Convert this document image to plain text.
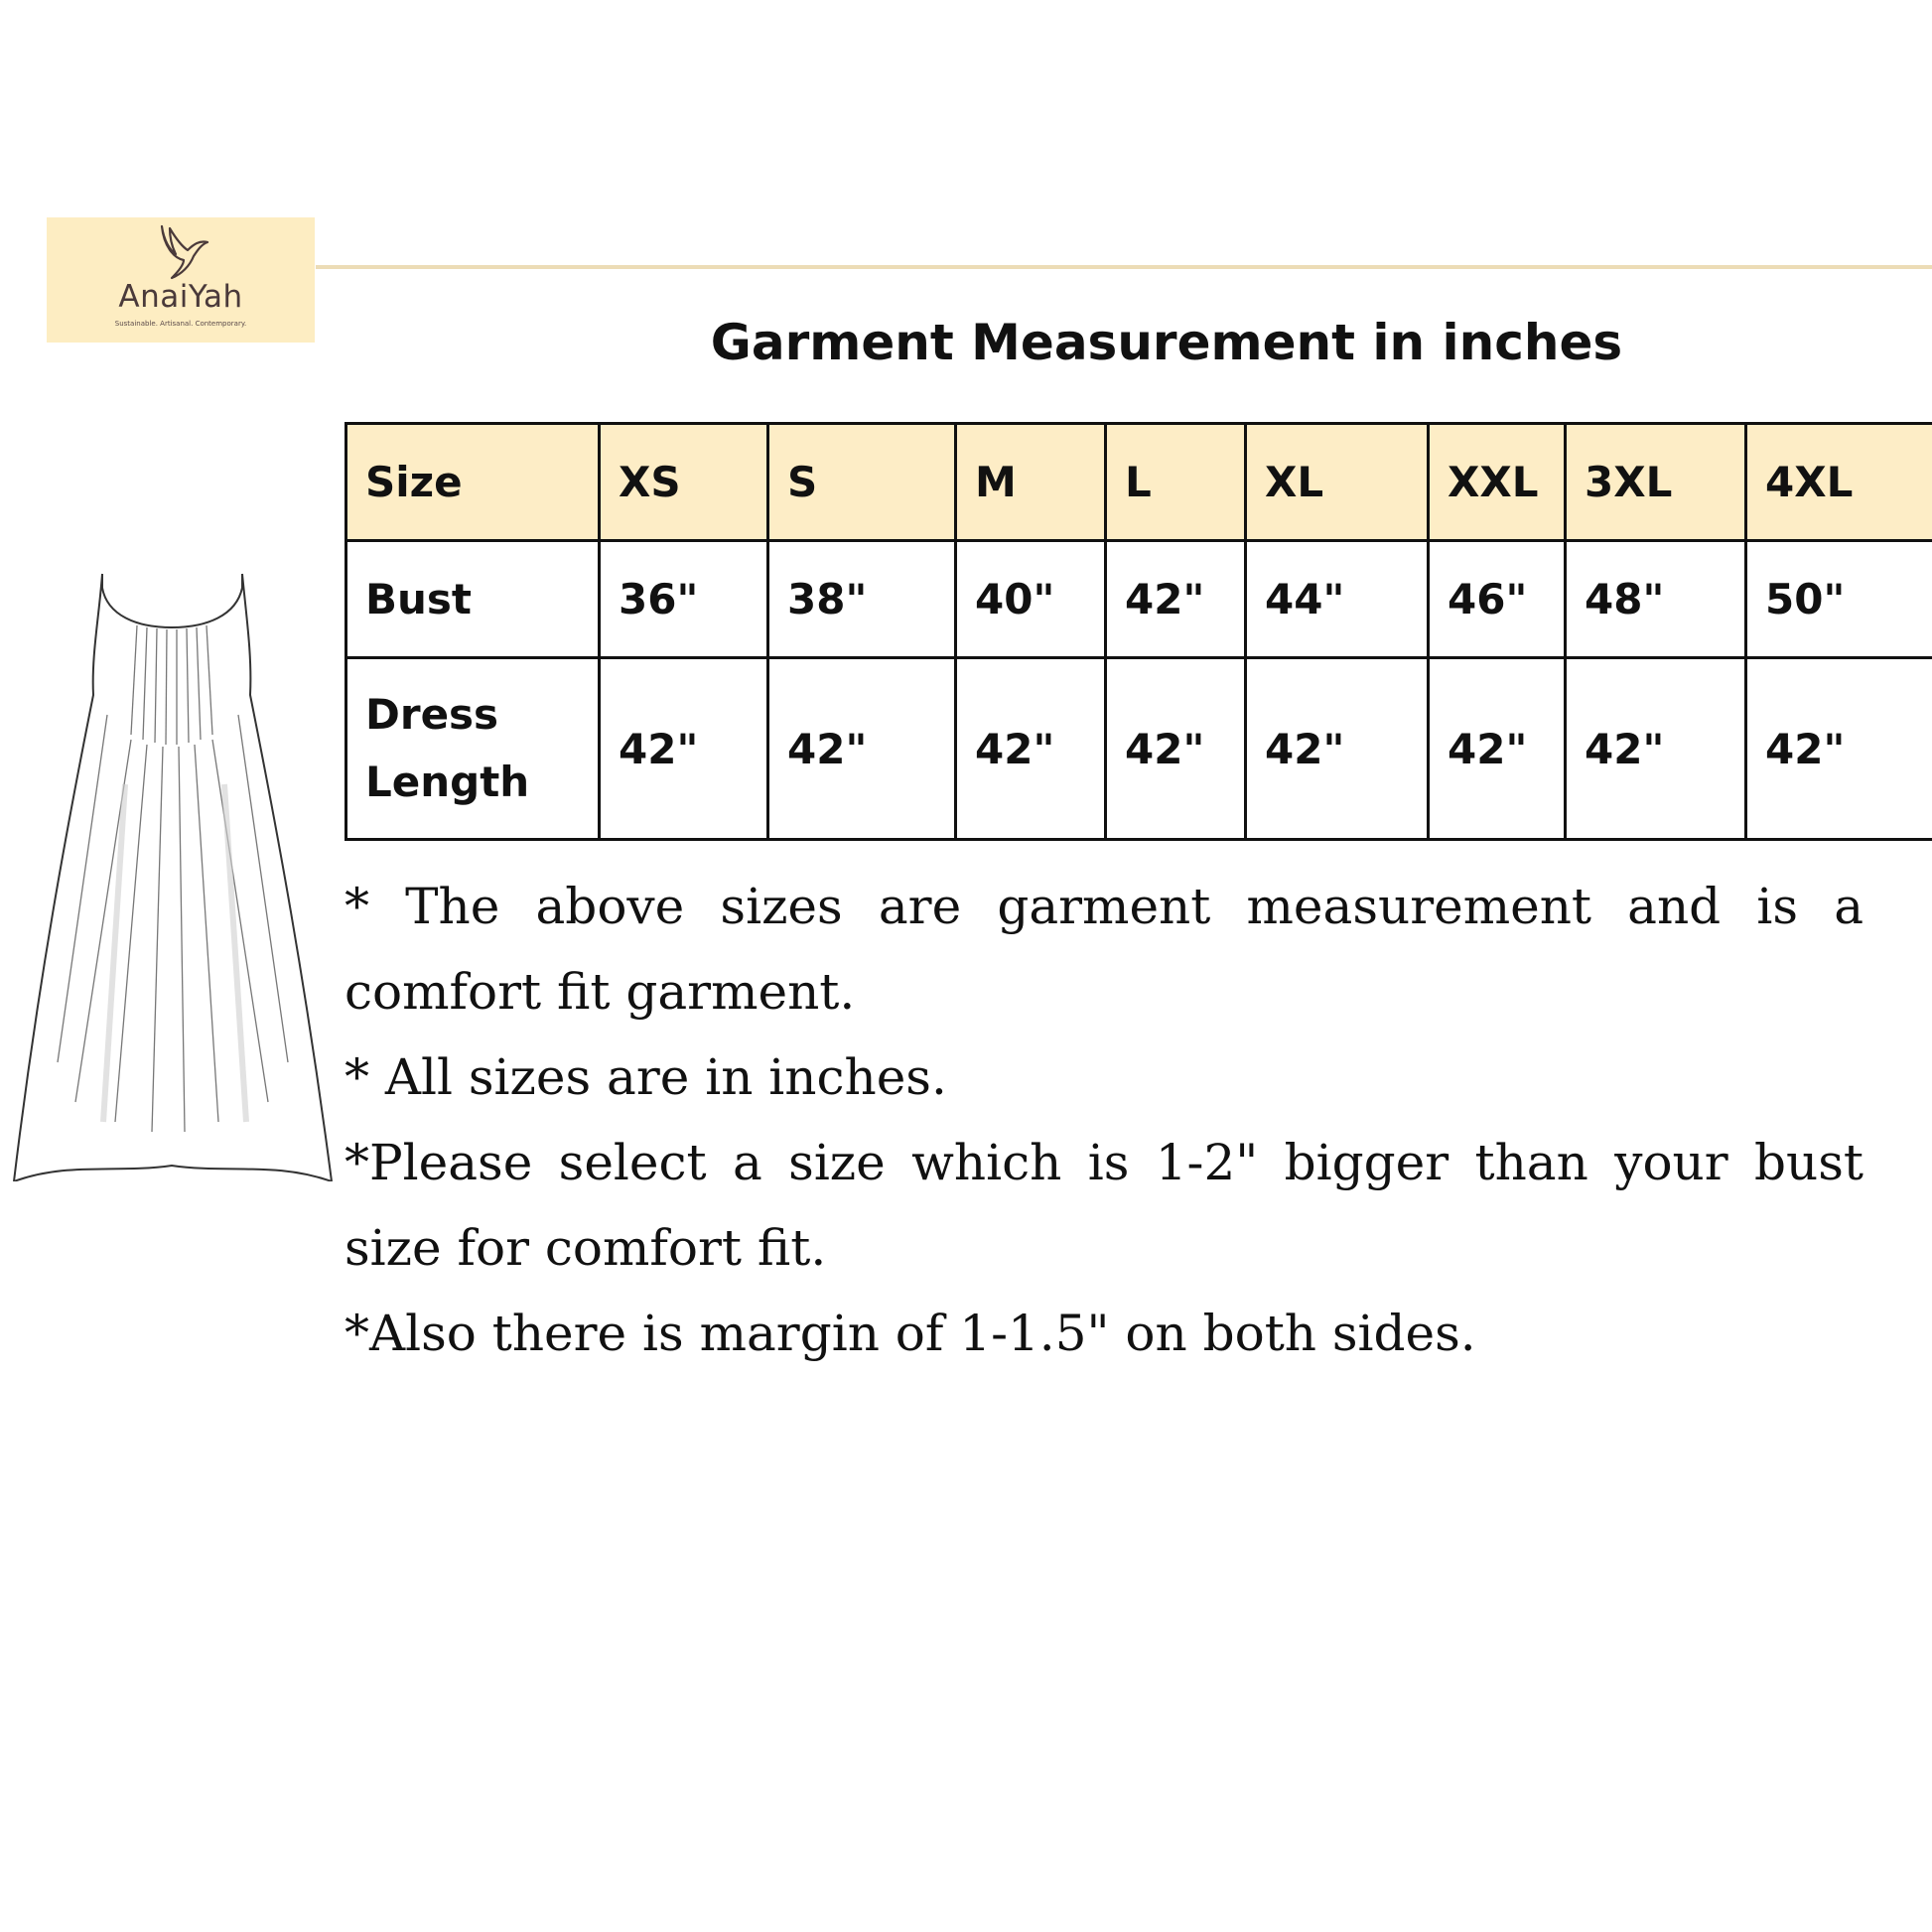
AnaiYah
Sustainable. Artisanal. Contemporary.	Garment Measurement in inches
Size	XS	S	M	L	XL	XXL	3XL	4XL
Bust	36"	38"	40"	42"	44"	46"	48"	50"
Dress Length	42"	42"	42"	42"	42"	42"	42"	42"

* The above sizes are garment measurement and is a comfort fit garment.

* All sizes are in inches.

*Please select a size which is 1-2" bigger than your bust size for comfort fit.

*Also there is margin of 1-1.5" on both sides.
